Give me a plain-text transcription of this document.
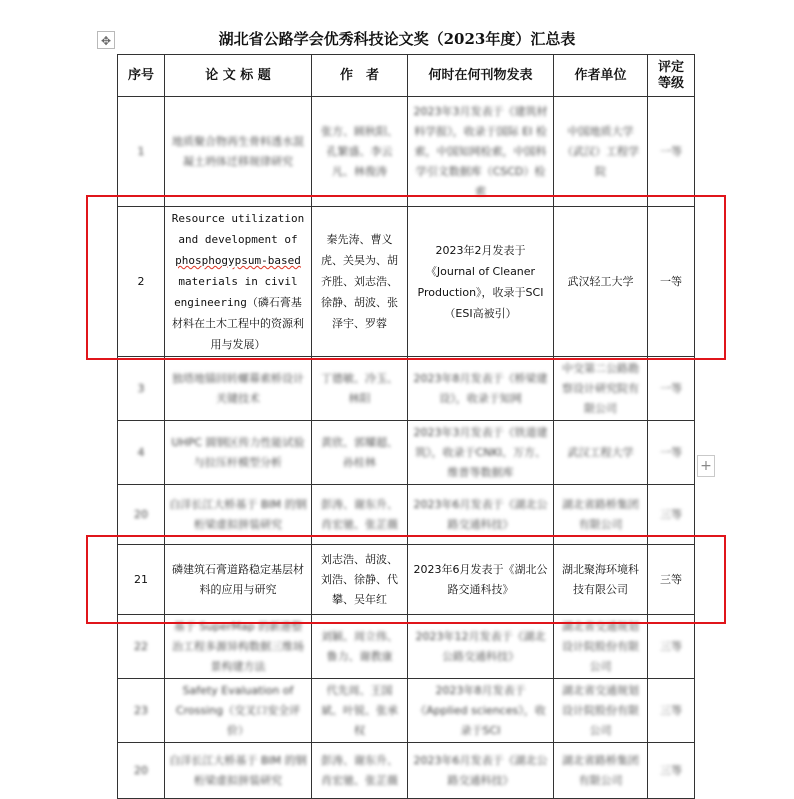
✥	湖北省公路学会优秀科技论文奖（2023年度）汇总表
序号	论 文 标 题	作　者	何时在何刊物发表	作者单位	评定等级
1	地质聚合物再生骨料透水混凝土坍体迁移规律研究	张方、顾秋阳、孔繁盛、李云凡、林俊涛	2023年3月发表于《建筑材料学报》，收录于国际 EI 检索，中国知网检索，中国科学引文数据库（CSCD）检索	中国地质大学（武汉）工程学院	一等
2	Resource utilization and development of phosphogypsum-based materials in civil engineering（磷石膏基材料在土木工程中的资源利用与发展）	秦先涛、曹义虎、关昊为、胡齐胜、刘志浩、徐静、胡波、张泽宇、罗蓉	2023年2月发表于《Journal of Cleaner Production》，收录于SCI（ESI高被引）	武汉轻工大学	一等
3	独塔地锚回转螺幕索桥设计关键技术	丁德敏、冷玉、林阳	2023年8月发表于《桥梁建设》，收录于知网	中交第二公路勘察设计研究院有限公司	一等
4	UHPC 圆钢区传力性能试验与拉压杆模型分析	黄欣、郭耀超、孙桂林	2023年3月发表于《铁道建筑》，收录于CNKI、万方、维普等数据库	武汉工程大学	一等
20	白洋长江大桥基于 BIM 的钢桁梁虚拟拼装研究	彭涛、谢东升、肖宏驰、张芷薇	2023年6月发表于《湖北公路交通科技》	湖北省路桥集团有限公司	三等
21	磷建筑石膏道路稳定基层材料的应用与研究	刘志浩、胡波、刘浩、徐静、代攀、吴年红	2023年6月发表于《湖北公路交通科技》	湖北聚海环境科技有限公司	三等
22	基于 SuperMap 的新港整治工程多源异构数据三维场景构建方法	刘颖、周立伟、鲁力、谢教康	2023年12月发表于《湖北公路交通科技》	湖北省交通规划设计院股份有限公司	三等
23	Safety Evaluation of Crossing（交叉口安全评价）	代先周、王国斌、叶锐、张承权	2023年8月发表于《Applied sciences》，收录于SCI	湖北省交通规划设计院股份有限公司	三等
20	白洋长江大桥基于 BIM 的钢桁梁虚拟拼装研究	彭涛、谢东升、肖宏驰、张芷薇	2023年6月发表于《湖北公路交通科技》	湖北省路桥集团有限公司	三等
+
